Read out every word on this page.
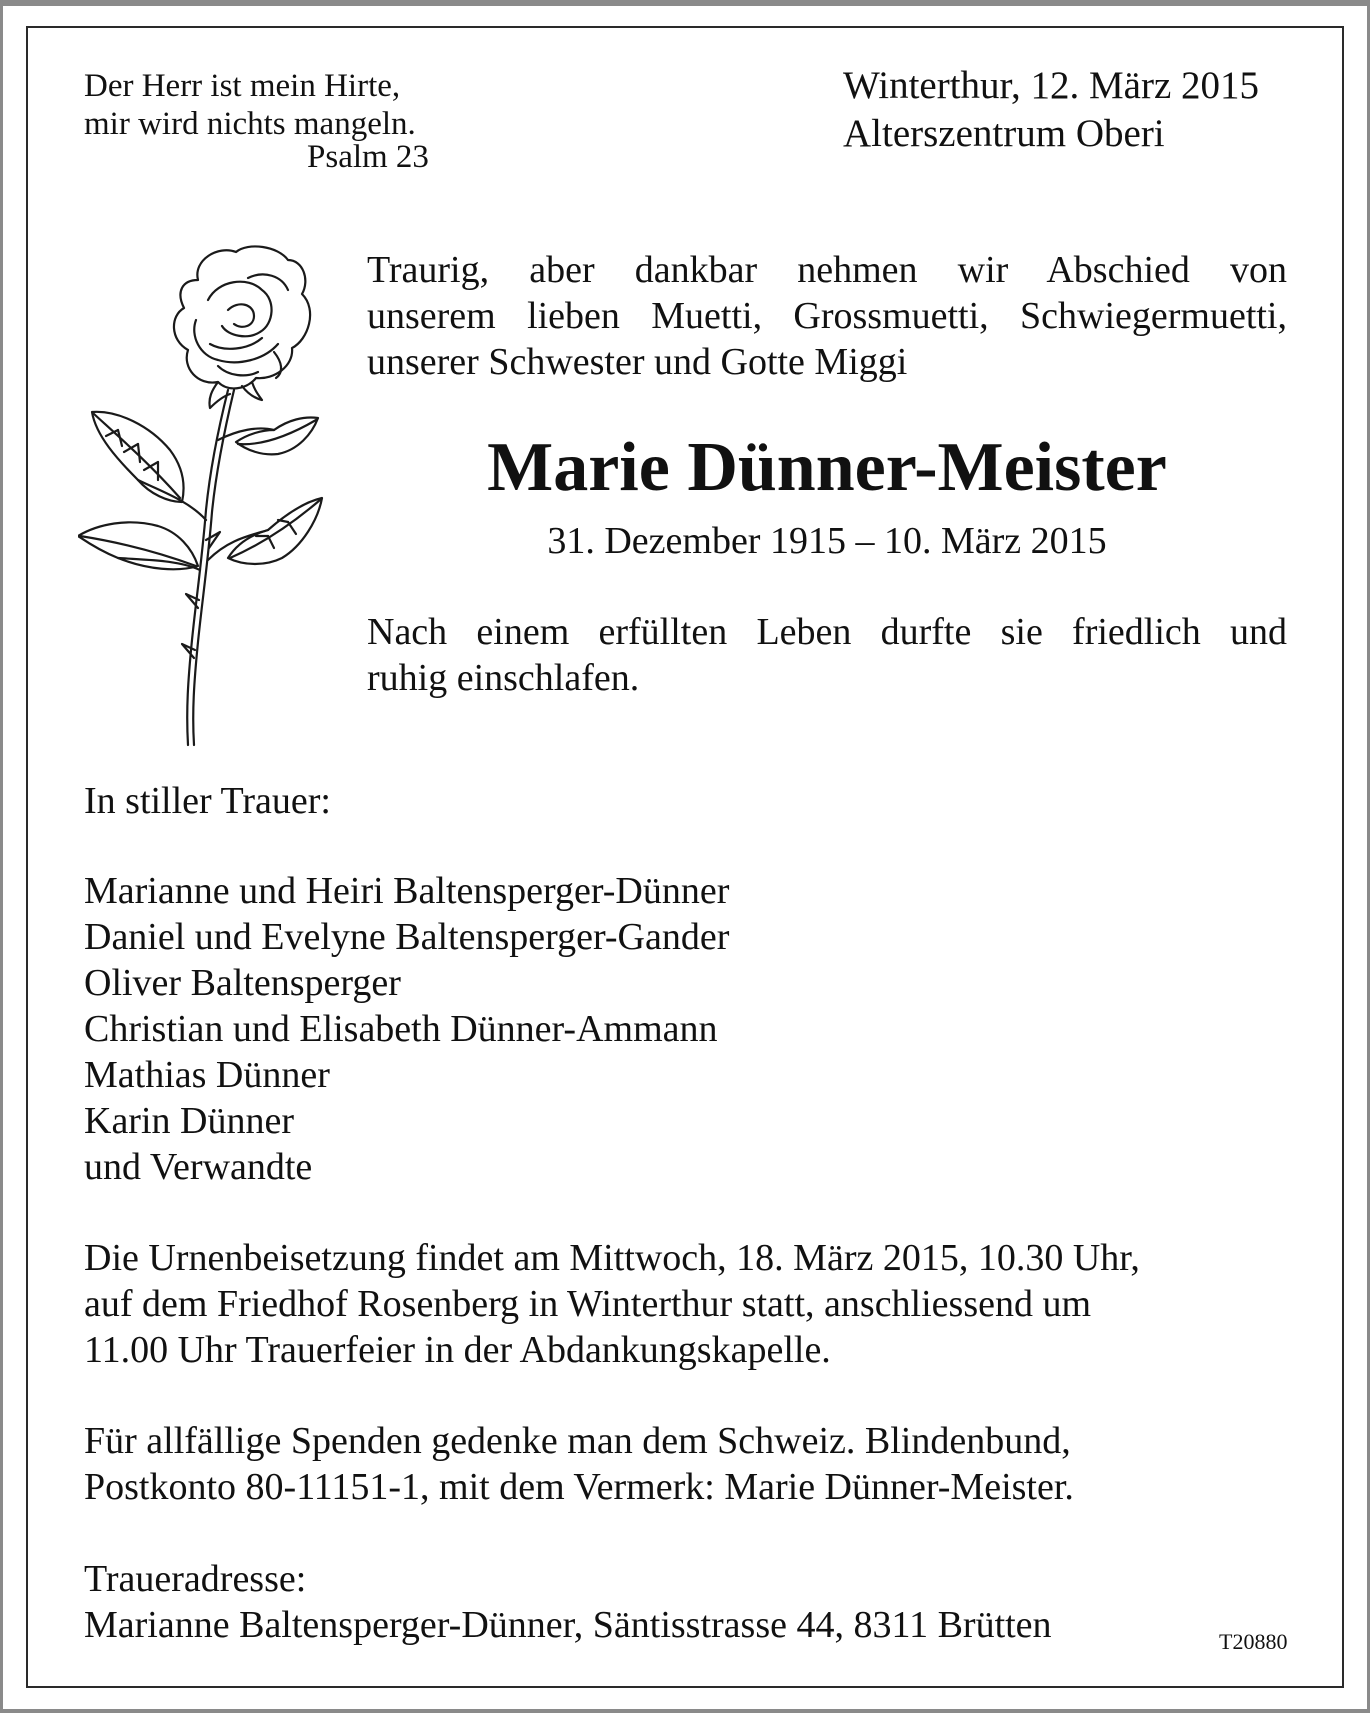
Der Herr ist mein Hirte,
mir wird nichts mangeln.
Psalm 23
Winterthur, 12. März 2015
Alterszentrum Oberi
Traurig, aber dankbar nehmen wir Abschied von
unserem lieben Muetti, Grossmuetti, Schwiegermuetti,
unserer Schwester und Gotte Miggi
Marie Dünner-Meister
31. Dezember 1915 – 10. März 2015
Nach einem erfüllten Leben durfte sie friedlich und
ruhig einschlafen.
In stiller Trauer:
Marianne und Heiri Baltensperger-Dünner
Daniel und Evelyne Baltensperger-Gander
Oliver Baltensperger
Christian und Elisabeth Dünner-Ammann
Mathias Dünner
Karin Dünner
und Verwandte
Die Urnenbeisetzung findet am Mittwoch, 18. März 2015, 10.30 Uhr,
auf dem Friedhof Rosenberg in Winterthur statt, anschliessend um
11.00 Uhr Trauerfeier in der Abdankungskapelle.
Für allfällige Spenden gedenke man dem Schweiz. Blindenbund,
Postkonto 80-11151-1, mit dem Vermerk: Marie Dünner-Meister.
Traueradresse:
Marianne Baltensperger-Dünner, Säntisstrasse 44, 8311 Brütten	T20880
